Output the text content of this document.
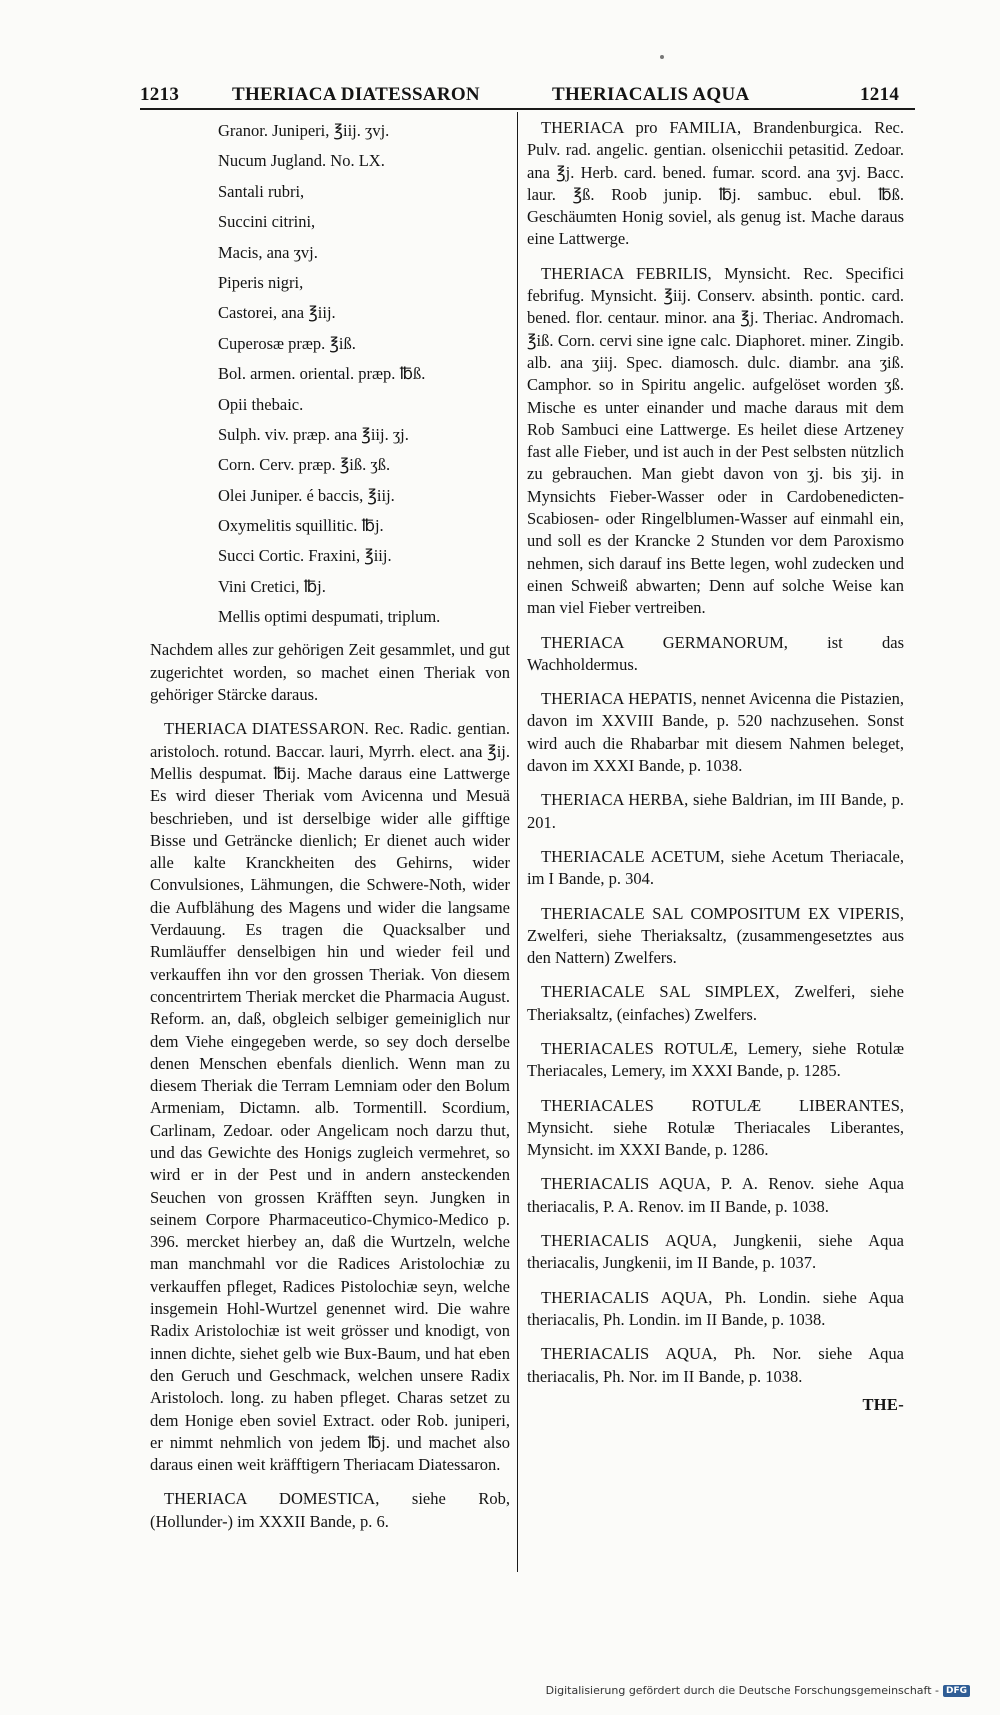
1213	THERIACA DIATESSARON	THERIACALIS AQUA	1214
Granor. Juniperi, ℥iij. ʒvj.
Nucum Jugland. No. LX.
Santali rubri,
Succini citrini,
Macis, ana ʒvj.
Piperis nigri,
Castorei, ana ℥iij.
Cuperosæ præp. ℥iß.
Bol. armen. oriental. præp. ℔ß.
Opii thebaic.
Sulph. viv. præp. ana ℥iij. ʒj.
Corn. Cerv. præp. ℥iß. ʒß.
Olei Juniper. é baccis, ℥iij.
Oxymelitis squillitic. ℔j.
Succi Cortic. Fraxini, ℥iij.
Vini Cretici, ℔j.
Mellis optimi despumati, triplum.

Nachdem alles zur gehörigen Zeit gesammlet, und gut zugerichtet worden, so machet einen Theriak von gehöriger Stärcke daraus.

THERIACA DIATESSARON. Rec. Radic. gentian. aristoloch. rotund. Baccar. lauri, Myrrh. elect. ana ℥ij. Mellis despumat. ℔ij. Mache daraus eine Lattwerge Es wird dieser Theriak vom Avicenna und Mesuä beschrieben, und ist derselbige wider alle gifftige Bisse und Geträncke dienlich; Er dienet auch wider alle kalte Kranckheiten des Gehirns, wider Convulsiones, Lähmungen, die Schwere-Noth, wider die Aufblähung des Magens und wider die langsame Verdauung. Es tragen die Quacksalber und Rumläuffer denselbigen hin und wieder feil und verkauffen ihn vor den grossen Theriak. Von diesem concentrirtem Theriak mercket die Pharmacia August. Reform. an, daß, obgleich selbiger gemeiniglich nur dem Viehe eingegeben werde, so sey doch derselbe denen Menschen ebenfals dienlich. Wenn man zu diesem Theriak die Terram Lemniam oder den Bolum Armeniam, Dictamn. alb. Tormentill. Scordium, Carlinam, Zedoar. oder Angelicam noch darzu thut, und das Gewichte des Honigs zugleich vermehret, so wird er in der Pest und in andern ansteckenden Seuchen von grossen Kräfften seyn. Jungken in seinem Corpore Pharmaceutico-Chymico-Medico p. 396. mercket hierbey an, daß die Wurtzeln, welche man manchmahl vor die Radices Aristolochiæ zu verkauffen pfleget, Radices Pistolochiæ seyn, welche insgemein Hohl-Wurtzel genennet wird. Die wahre Radix Aristolochiæ ist weit grösser und knodigt, von innen dichte, siehet gelb wie Bux-Baum, und hat eben den Geruch und Geschmack, welchen unsere Radix Aristoloch. long. zu haben pfleget. Charas setzet zu dem Honige eben soviel Extract. oder Rob. juniperi, er nimmt nehmlich von jedem ℔j. und machet also daraus einen weit kräfftigern Theriacam Diatessaron.

THERIACA DOMESTICA, siehe Rob, (Hollunder-) im XXXII Bande, p. 6.

THERIACA pro FAMILIA, Brandenburgica. Rec. Pulv. rad. angelic. gentian. olsenicchii petasitid. Zedoar. ana ℥j. Herb. card. bened. fumar. scord. ana ʒvj. Bacc. laur. ℥ß. Roob junip. ℔j. sambuc. ebul. ℔ß. Geschäumten Honig soviel, als genug ist. Mache daraus eine Lattwerge.

THERIACA FEBRILIS, Mynsicht. Rec. Specifici febrifug. Mynsicht. ℥iij. Conserv. absinth. pontic. card. bened. flor. centaur. minor. ana ℥j. Theriac. Andromach. ℥iß. Corn. cervi sine igne calc. Diaphoret. miner. Zingib. alb. ana ʒiij. Spec. diamosch. dulc. diambr. ana ʒiß. Camphor. so in Spiritu angelic. aufgelöset worden ʒß. Mische es unter einander und mache daraus mit dem Rob Sambuci eine Lattwerge. Es heilet diese Artzeney fast alle Fieber, und ist auch in der Pest selbsten nützlich zu gebrauchen. Man giebt davon von ʒj. bis ʒij. in Mynsichts Fieber-Wasser oder in Cardobenedicten-Scabiosen- oder Ringelblumen-Wasser auf einmahl ein, und soll es der Krancke 2 Stunden vor dem Paroxismo nehmen, sich darauf ins Bette legen, wohl zudecken und einen Schweiß abwarten; Denn auf solche Weise kan man viel Fieber vertreiben.

THERIACA GERMANORUM, ist das Wachholdermus.

THERIACA HEPATIS, nennet Avicenna die Pistazien, davon im XXVIII Bande, p. 520 nachzusehen. Sonst wird auch die Rhabarbar mit diesem Nahmen beleget, davon im XXXI Bande, p. 1038.

THERIACA HERBA, siehe Baldrian, im III Bande, p. 201.

THERIACALE ACETUM, siehe Acetum Theriacale, im I Bande, p. 304.

THERIACALE SAL COMPOSITUM EX VIPERIS, Zwelferi, siehe Theriaksaltz, (zusammengesetztes aus den Nattern) Zwelfers.

THERIACALE SAL SIMPLEX, Zwelferi, siehe Theriaksaltz, (einfaches) Zwelfers.

THERIACALES ROTULÆ, Lemery, siehe Rotulæ Theriacales, Lemery, im XXXI Bande, p. 1285.

THERIACALES ROTULÆ LIBERANTES, Mynsicht. siehe Rotulæ Theriacales Liberantes, Mynsicht. im XXXI Bande, p. 1286.

THERIACALIS AQUA, P. A. Renov. siehe Aqua theriacalis, P. A. Renov. im II Bande, p. 1038.

THERIACALIS AQUA, Jungkenii, siehe Aqua theriacalis, Jungkenii, im II Bande, p. 1037.

THERIACALIS AQUA, Ph. Londin. siehe Aqua theriacalis, Ph. Londin. im II Bande, p. 1038.

THERIACALIS AQUA, Ph. Nor. siehe Aqua theriacalis, Ph. Nor. im II Bande, p. 1038.

THE-
Digitalisierung gefördert durch die Deutsche Forschungsgemeinschaft - DFG
